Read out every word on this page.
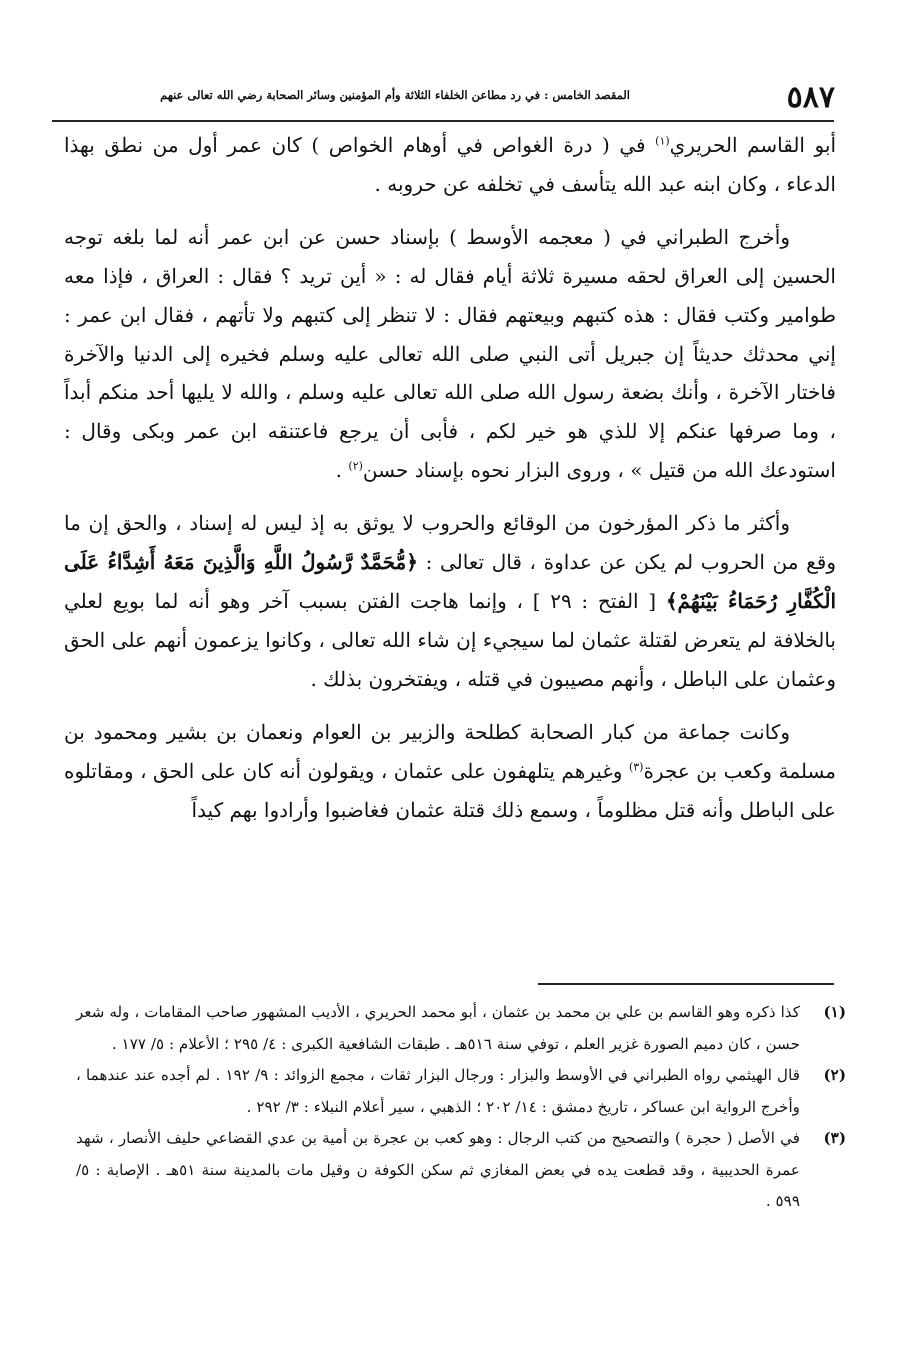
٥٨٧
المقصد الخامس : في رد مطاعن الخلفاء الثلاثة وأم المؤمنين وسائر الصحابة رضي الله تعالى عنهم

أبو القاسم الحريري$^{(١)}$ في ( درة الغواص في أوهام الخواص ) كان عمر أول من نطق بهذا الدعاء ، وكان ابنه عبد الله يتأسف في تخلفه عن حروبه .

وأخرج الطبراني في ( معجمه الأوسط ) بإسناد حسن عن ابن عمر أنه لما بلغه توجه الحسين إلى العراق لحقه مسيرة ثلاثة أيام فقال له : « أين تريد ؟ فقال : العراق ، فإذا معه طوامير وكتب فقال : هذه كتبهم وبيعتهم فقال : لا تنظر إلى كتبهم ولا تأتهم ، فقال ابن عمر : إني محدثك حديثاً إن جبريل أتى النبي صلى الله تعالى عليه وسلم فخيره إلى الدنيا والآخرة فاختار الآخرة ، وأنك بضعة رسول الله صلى الله تعالى عليه وسلم ، والله لا يليها أحد منكم أبداً ، وما صرفها عنكم إلا للذي هو خير لكم ، فأبى أن يرجع فاعتنقه ابن عمر وبكى وقال : استودعك الله من قتيل » ، وروى البزار نحوه بإسناد حسن$^{(٢)}$ .

وأكثر ما ذكر المؤرخون من الوقائع والحروب لا يوثق به إذ ليس له إسناد ، والحق إن ما وقع من الحروب لم يكن عن عداوة ، قال تعالى : ﴿مُّحَمَّدٌ رَّسُولُ اللَّهِ وَالَّذِينَ مَعَهُ أَشِدَّاءُ عَلَى الْكُفَّارِ رُحَمَاءُ بَيْنَهُمْ﴾ [ الفتح : ٢٩ ] ، وإنما هاجت الفتن بسبب آخر وهو أنه لما بويع لعلي بالخلافة لم يتعرض لقتلة عثمان لما سيجيء إن شاء الله تعالى ، وكانوا يزعمون أنهم على الحق وعثمان على الباطل ، وأنهم مصيبون في قتله ، ويفتخرون بذلك .

وكانت جماعة من كبار الصحابة كطلحة والزبير بن العوام ونعمان بن بشير ومحمود بن مسلمة وكعب بن عجرة$^{(٣)}$ وغيرهم يتلهفون على عثمان ، ويقولون أنه كان على الحق ، ومقاتلوه على الباطل وأنه قتل مظلوماً ، وسمع ذلك قتلة عثمان فغاضبوا وأرادوا بهم كيداً

(١)
كذا ذكره وهو القاسم بن علي بن محمد بن عثمان ، أبو محمد الحريري ، الأديب المشهور صاحب المقامات ، وله شعر حسن ، كان دميم الصورة غزير العلم ، توفي سنة ٥١٦هـ . طبقات الشافعية الكبرى : ٤/ ٢٩٥ ؛ الأعلام : ٥/ ١٧٧ .
(٢)
قال الهيثمي رواه الطبراني في الأوسط والبزار : ورجال البزار ثقات ، مجمع الزوائد : ٩/ ١٩٢ . لم أجده عند عندهما ، وأخرج الرواية ابن عساكر ، تاريخ دمشق : ١٤/ ٢٠٢ ؛ الذهبي ، سير أعلام النبلاء : ٣/ ٢٩٢ .
(٣)
في الأصل ( حجرة ) والتصحيح من كتب الرجال : وهو كعب بن عجرة بن أمية بن عدي القضاعي حليف الأنصار ، شهد عمرة الحديبية ، وقد قطعت يده في بعض المغازي ثم سكن الكوفة ن وقيل مات بالمدينة سنة ٥١هـ . الإصابة : ٥/ ٥٩٩ .
